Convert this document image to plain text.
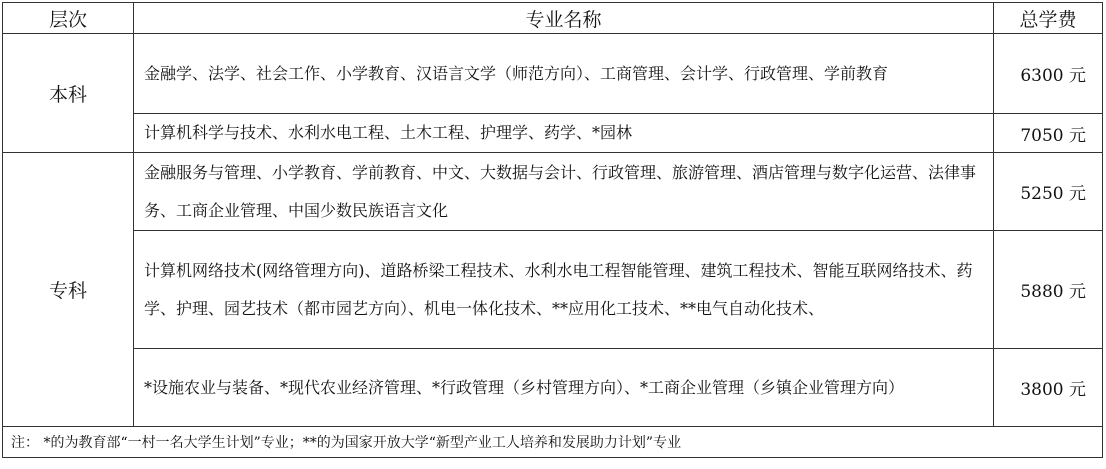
层次	专业名称	总学费
本科	金融学、法学、社会工作、小学教育、汉语言文学（师范方向）、工商管理、会计学、行政管理、学前教育	6300 元
	计算机科学与技术、水利水电工程、土木工程、护理学、药学、*园林	7050 元
专科	金融服务与管理、小学教育、学前教育、中文、大数据与会计、行政管理、旅游管理、酒店管理与数字化运营、法律事务、工商企业管理、中国少数民族语言文化	5250 元
	计算机网络技术(网络管理方向)、道路桥梁工程技术、水利水电工程智能管理、建筑工程技术、智能互联网络技术、药学、护理、园艺技术（都市园艺方向）、机电一体化技术、**应用化工技术、**电气自动化技术、	5880 元
	*设施农业与装备、*现代农业经济管理、*行政管理（乡村管理方向）、*工商企业管理（乡镇企业管理方向）	3800 元
注： *的为教育部“一村一名大学生计划”专业；**的为国家开放大学“新型产业工人培养和发展助力计划”专业		
